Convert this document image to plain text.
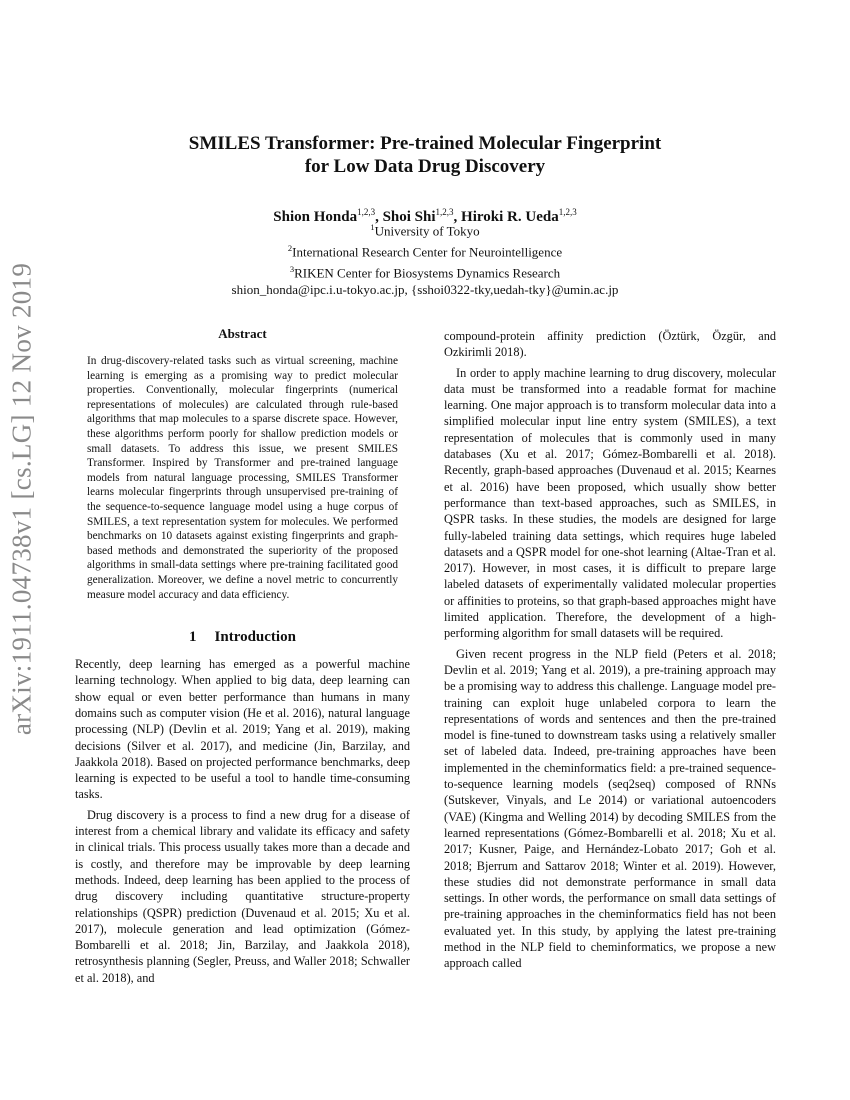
arXiv:1911.04738v1 [cs.LG] 12 Nov 2019
SMILES Transformer: Pre-trained Molecular Fingerprint
for Low Data Drug Discovery
Shion Honda$^{1,2,3}$, Shoi Shi$^{1,2,3}$, Hiroki R. Ueda$^{1,2,3}$
$^1$University of Tokyo
$^2$International Research Center for Neurointelligence
$^3$RIKEN Center for Biosystems Dynamics Research
shion_honda@ipc.i.u-tokyo.ac.jp, {sshoi0322-tky,uedah-tky}@umin.ac.jp
Abstract

In drug-discovery-related tasks such as virtual screening, machine learning is emerging as a promising way to predict molecular properties. Conventionally, molecular fingerprints (numerical representations of molecules) are calculated through rule-based algorithms that map molecules to a sparse discrete space. However, these algorithms perform poorly for shallow prediction models or small datasets. To address this issue, we present SMILES Transformer. Inspired by Transformer and pre-trained language models from natural language processing, SMILES Transformer learns molecular fingerprints through unsupervised pre-training of the sequence-to-sequence language model using a huge corpus of SMILES, a text representation system for molecules. We performed benchmarks on 10 datasets against existing fingerprints and graph-based methods and demonstrated the superiority of the proposed algorithms in small-data settings where pre-training facilitated good generalization. Moreover, we define a novel metric to concurrently measure model accuracy and data efficiency.

1 Introduction

Recently, deep learning has emerged as a powerful machine learning technology. When applied to big data, deep learning can show equal or even better performance than humans in many domains such as computer vision (He et al. 2016), natural language processing (NLP) (Devlin et al. 2019; Yang et al. 2019), making decisions (Silver et al. 2017), and medicine (Jin, Barzilay, and Jaakkola 2018). Based on projected performance benchmarks, deep learning is expected to be useful a tool to handle time-consuming tasks.

Drug discovery is a process to find a new drug for a disease of interest from a chemical library and validate its efficacy and safety in clinical trials. This process usually takes more than a decade and is costly, and therefore may be improvable by deep learning methods. Indeed, deep learning has been applied to the process of drug discovery including quantitative structure-property relationships (QSPR) prediction (Duvenaud et al. 2015; Xu et al. 2017), molecule generation and lead optimization (Gómez-Bombarelli et al. 2018; Jin, Barzilay, and Jaakkola 2018), retrosynthesis planning (Segler, Preuss, and Waller 2018; Schwaller et al. 2018), and

compound-protein affinity prediction (Öztürk, Özgür, and Ozkirimli 2018).

In order to apply machine learning to drug discovery, molecular data must be transformed into a readable format for machine learning. One major approach is to transform molecular data into a simplified molecular input line entry system (SMILES), a text representation of molecules that is commonly used in many databases (Xu et al. 2017; Gómez-Bombarelli et al. 2018). Recently, graph-based approaches (Duvenaud et al. 2015; Kearnes et al. 2016) have been proposed, which usually show better performance than text-based approaches, such as SMILES, in QSPR tasks. In these studies, the models are designed for large fully-labeled training data settings, which requires huge labeled datasets and a QSPR model for one-shot learning (Altae-Tran et al. 2017). However, in most cases, it is difficult to prepare large labeled datasets of experimentally validated molecular properties or affinities to proteins, so that graph-based approaches might have limited application. Therefore, the development of a high-performing algorithm for small datasets will be required.

Given recent progress in the NLP field (Peters et al. 2018; Devlin et al. 2019; Yang et al. 2019), a pre-training approach may be a promising way to address this challenge. Language model pre-training can exploit huge unlabeled corpora to learn the representations of words and sentences and then the pre-trained model is fine-tuned to downstream tasks using a relatively smaller set of labeled data. Indeed, pre-training approaches have been implemented in the cheminformatics field: a pre-trained sequence-to-sequence learning models (seq2seq) composed of RNNs (Sutskever, Vinyals, and Le 2014) or variational autoencoders (VAE) (Kingma and Welling 2014) by decoding SMILES from the learned representations (Gómez-Bombarelli et al. 2018; Xu et al. 2017; Kusner, Paige, and Hernández-Lobato 2017; Goh et al. 2018; Bjerrum and Sattarov 2018; Winter et al. 2019). However, these studies did not demonstrate performance in small data settings. In other words, the performance on small data settings of pre-training approaches in the cheminformatics field has not been evaluated yet. In this study, by applying the latest pre-training method in the NLP field to cheminformatics, we propose a new approach called
